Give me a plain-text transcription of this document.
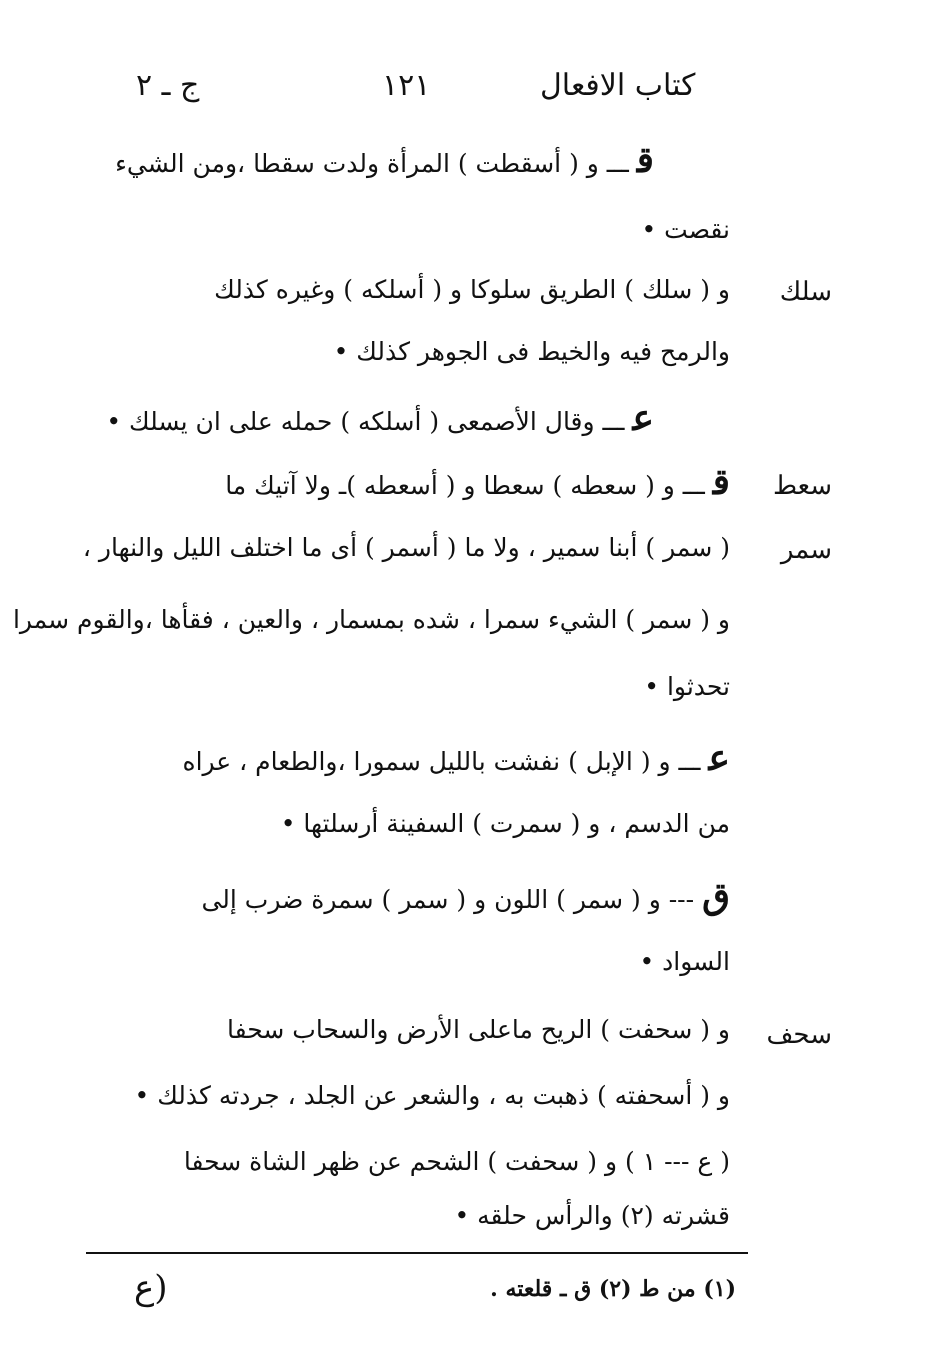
كتاب الافعال
١٢١
ج ـ ٢
سلك
سعط
سمر
سحف
قـــ و ( أسقطت ) المرأة ولدت سقطا ،ومن الشيء
نقصت •
و ( سلك ) الطريق سلوكا و ( أسلكه ) وغيره كذلك
والرمح فيه والخيط فى الجوهر كذلك •
عـــ وقال الأصمعى ( أسلكه ) حمله على ان يسلك •
قـــ و ( سعطه ) سعطا و ( أسعطه )ـ ولا آتيك ما
( سمر ) أبنا سمير ، ولا ما ( أسمر ) أى ما اختلف الليل والنهار ،
و ( سمر ) الشيء سمرا ، شده بمسمار ، والعين ، فقأها ،والقوم سمرا
تحدثوا •
عـــ و ( الإبل ) نفشت بالليل سمورا ،والطعام ، عراه
من الدسم ، و ( سمرت ) السفينة أرسلتها •
ق--- و ( سمر ) اللون و ( سمر ) سمرة ضرب إلى
السواد •
و ( سحفت ) الريح ماعلى الأرض والسحاب سحفا
و ( أسحفته ) ذهبت به ، والشعر عن الجلد ، جردته كذلك •
( ع --- ١ ) و ( سحفت ) الشحم عن ظهر الشاة سحفا
قشرته (٢) والرأس حلقه •
(١) من ط (٢) ق ـ قلعته .
(ع
